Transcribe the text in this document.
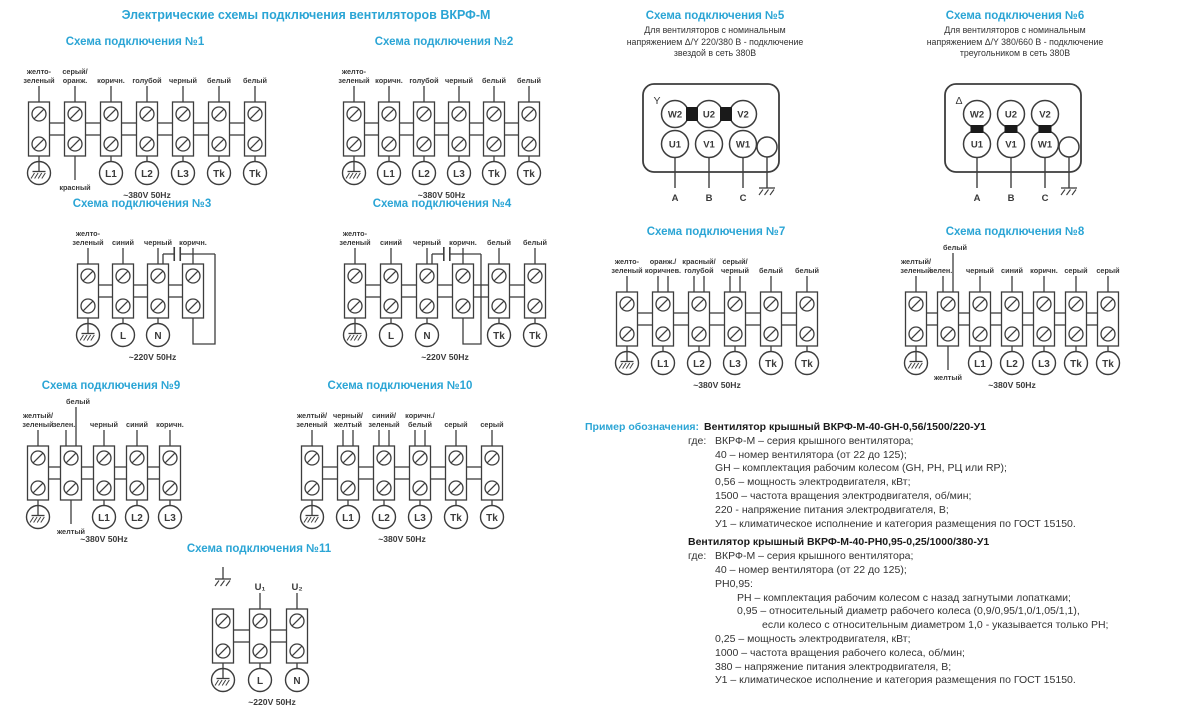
Электрические схемы подключения вентиляторов ВКРФ-М
Схема подключения №1
желто-
зеленый
серый/
оранж.
красный
коричн.
L1
голубой
L2
черный
L3
белый
Tk
белый
Tk
~380V 50Hz
Схема подключения №2
желто-
зеленый коричн.
L1
голубой
L2
черный
L3
белый
Tk
белый
Tk
~380V 50Hz
Схема подключения №3
желто-
зеленый синий
L
черный
N
коричн.
~220V 50Hz
Схема подключения №4
желто-
зеленый синий
L
черный
N
коричн. белый
Tk
белый
Tk
~220V 50Hz
Схема подключения №5
Для вентиляторов с номинальным
напряжением Δ/Y 220/380 В - подключение
звездой в сеть 380В
Y
W2
U1
A
U2
V1
B
V2
W1
C
Схема подключения №6
Для вентиляторов с номинальным
напряжением Δ/Y 380/660 В - подключение
треугольником в сеть 380В
Δ
W2
U1
A
U2
V1
B
V2
W1
C
Схема подключения №7
желто-
зеленый
оранж./
коричнев.
L1
красный/
голубой
L2
серый/
черный
L3
белый
Tk
белый
Tk
~380V 50Hz
Схема подключения №8
желтый/
зеленый
зелен.
белый
желтый
черный
L1
синий
L2
коричн.
L3
серый
Tk
серый
Tk
~380V 50Hz
Схема подключения №9
желтый/
зеленый зелен.
белый
желтый
черный
L1
синий
L2
коричн.
L3
~380V 50Hz
Схема подключения №10
желтый/
зеленый
черный/
желтый
L1
синий/
зеленый
L2
коричн./
белый
L3
серый
Tk
серый
Tk
~380V 50Hz
Схема подключения №11
U₁
L
U₂
N
~220V 50Hz
Пример обозначения: Вентилятор крышный ВКРФ-М-40-GH-0,56/1500/220-У1
где: ВКРФ-М – серия крышного вентилятора;
40 – номер вентилятора (от 22 до 125);
GH – комплектация рабочим колесом (GH, PH, РЦ или RP);
0,56 – мощность электродвигателя, кВт;
1500 – частота вращения электродвигателя, об/мин;
220 - напряжение питания электродвигателя, В;
У1 – климатическое исполнение и категория размещения по ГОСТ 15150.
Вентилятор крышный ВКРФ-М-40-РН0,95-0,25/1000/380-У1
где: ВКРФ-М – серия крышного вентилятора;
40 – номер вентилятора (от 22 до 125);
РН0,95:
РН – комплектация рабочим колесом с назад загнутыми лопатками;
0,95 – относительный диаметр рабочего колеса (0,9/0,95/1,0/1,05/1,1),
если колесо с относительным диаметром 1,0 - указывается только РН;
0,25 – мощность электродвигателя, кВт;
1000 – частота вращения рабочего колеса, об/мин;
380 – напряжение питания электродвигателя, В;
У1 – климатическое исполнение и категория размещения по ГОСТ 15150.
